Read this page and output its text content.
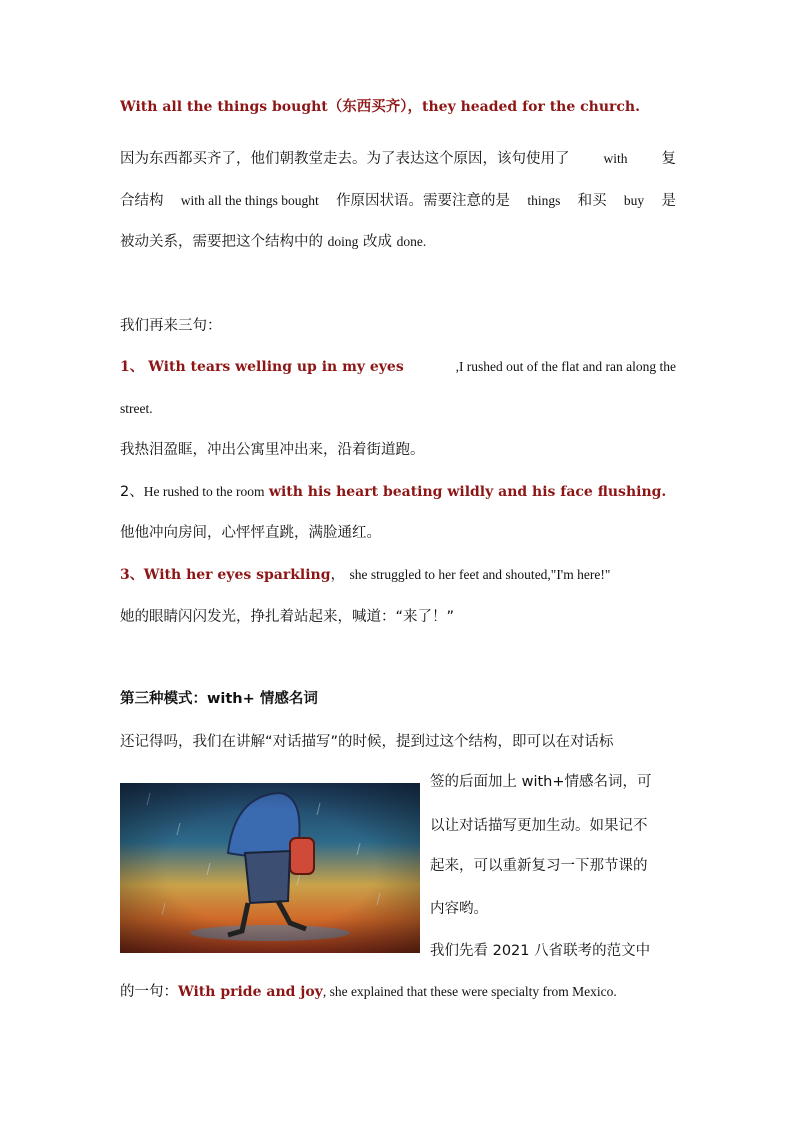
With all the things bought（东西买齐），they headed for the church.
因为东西都买齐了，他们朝教堂走去。为了表达这个原因，该句使用了	with 复
合结构 with all the things bought 作原因状语。需要注意的是 things 和买 buy 是
被动关系，需要把这个结构中的 doing 改成 done.
我们再来三句：
1、 With tears welling up in my eyes	,I rushed out of the flat and ran along the
street.
我热泪盈眶，冲出公寓里冲出来，沿着街道跑。
2、He rushed to the room with his heart beating wildly and his face flushing.
他他冲向房间，心怦怦直跳，满脸通红。
3、With her eyes sparkling， she struggled to her feet and shouted,"I'm here!"
她的眼睛闪闪发光，挣扎着站起来，喊道：“来了！”
第三种模式：with+ 情感名词
还记得吗，我们在讲解“对话描写”的时候，提到过这个结构，即可以在对话标
签的后面加上 with+情感名词，可
以让对话描写更加生动。如果记不
起来，可以重新复习一下那节课的
内容哟。
我们先看 2021 八省联考的范文中
的一句：With pride and joy, she explained that these were specialty from Mexico.
